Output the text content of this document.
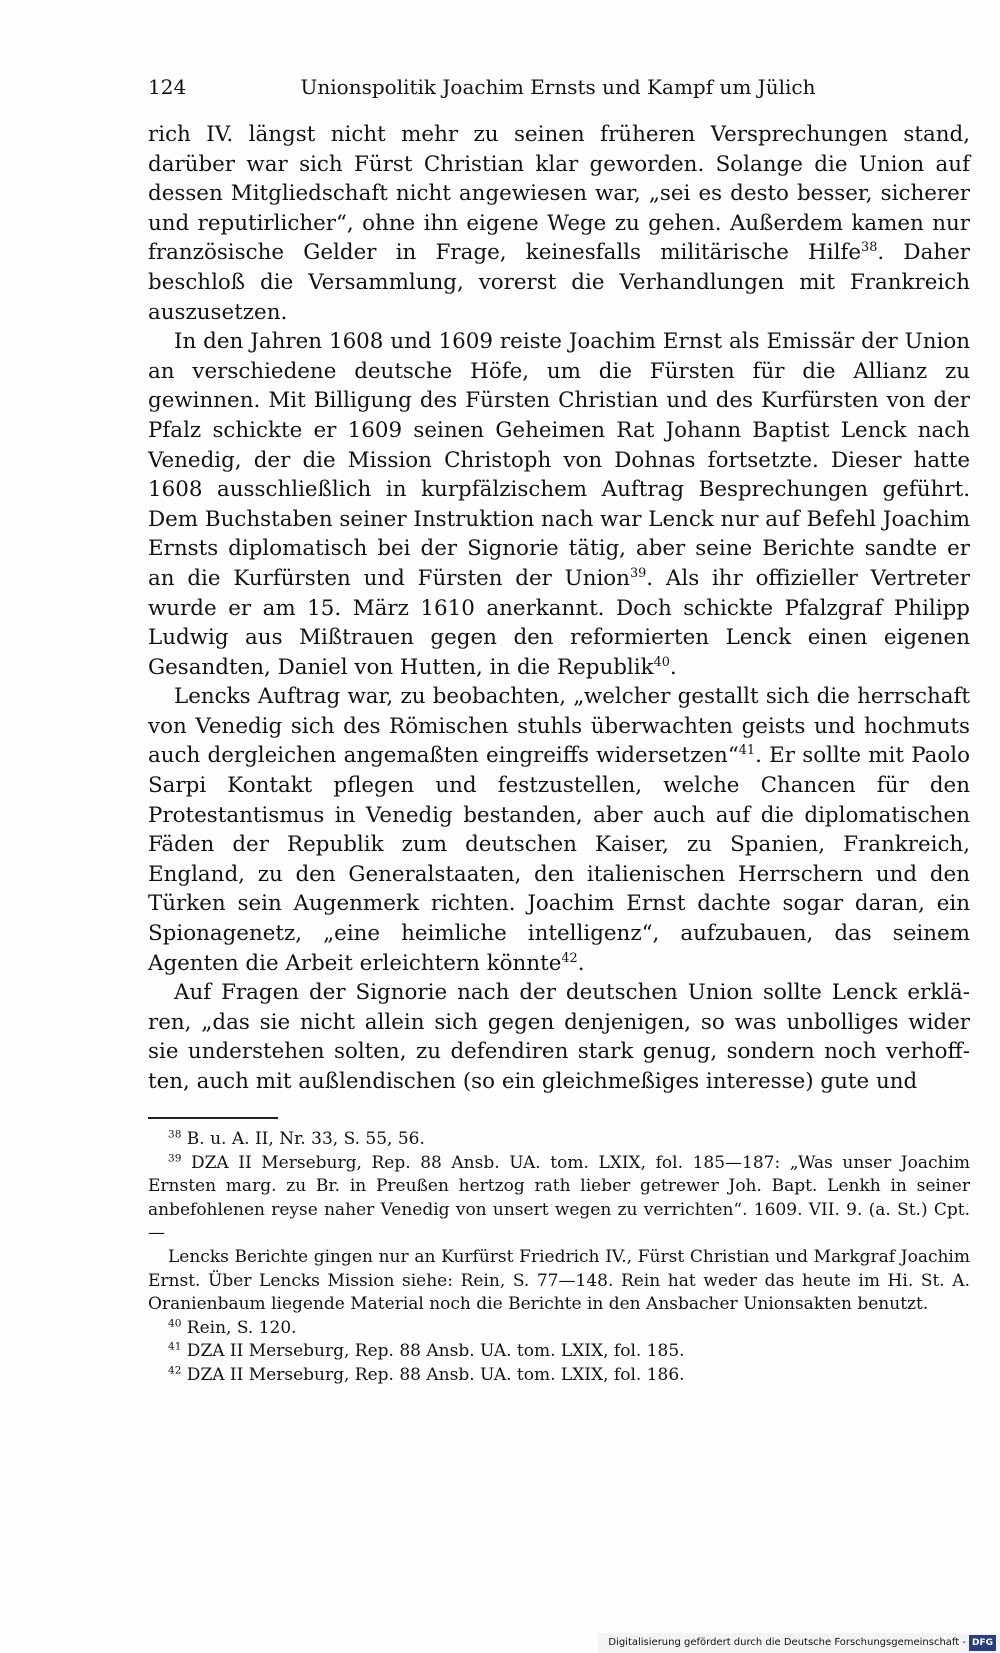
124	Unionspolitik Joachim Ernsts und Kampf um Jülich

rich IV. längst nicht mehr zu seinen früheren Versprechungen stand, darüber war sich Fürst Christian klar geworden. Solange die Union auf dessen Mitgliedschaft nicht angewiesen war, „sei es desto besser, sicherer und reputirlicher“, ohne ihn eigene Wege zu gehen. Außerdem kamen nur französische Gelder in Frage, keinesfalls militärische Hilfe$^{38}$. Daher beschloß die Versammlung, vorerst die Verhandlungen mit Frankreich auszusetzen.

In den Jahren 1608 und 1609 reiste Joachim Ernst als Emissär der Union an verschiedene deutsche Höfe, um die Fürsten für die Allianz zu gewinnen. Mit Billigung des Fürsten Christian und des Kurfürsten von der Pfalz schickte er 1609 seinen Geheimen Rat Johann Baptist Lenck nach Venedig, der die Mission Christoph von Dohnas fortsetzte. Dieser hatte 1608 ausschließlich in kurpfälzischem Auftrag Besprechungen geführt. Dem Buchstaben seiner Instruktion nach war Lenck nur auf Befehl Joachim Ernsts diplomatisch bei der Signorie tätig, aber seine Berichte sandte er an die Kurfürsten und Fürsten der Union$^{39}$. Als ihr offizieller Vertreter wurde er am 15. März 1610 anerkannt. Doch schickte Pfalzgraf Philipp Ludwig aus Mißtrauen gegen den reformierten Lenck einen eigenen Gesandten, Daniel von Hutten, in die Republik$^{40}$.

Lencks Auftrag war, zu beobachten, „welcher gestallt sich die herrschaft von Venedig sich des Römischen stuhls überwachten geists und hochmuts auch dergleichen angemaßten eingreiffs widersetzen“$^{41}$. Er sollte mit Paolo Sarpi Kontakt pflegen und festzustellen, welche Chancen für den Protestantismus in Venedig bestanden, aber auch auf die diplomatischen Fäden der Republik zum deutschen Kaiser, zu Spanien, Frankreich, England, zu den Generalstaaten, den italienischen Herrschern und den Türken sein Augenmerk richten. Joachim Ernst dachte sogar daran, ein Spionagenetz, „eine heimliche intelligenz“, aufzubauen, das seinem Agenten die Arbeit erleichtern könnte$^{42}$.

Auf Fragen der Signorie nach der deutschen Union sollte Lenck erklären, „das sie nicht allein sich gegen denjenigen, so was unbolliges wider sie understehen solten, zu defendiren stark genug, sondern noch verhofften, auch mit außlendischen (so ein gleichmeßiges interesse) gute und

$^{38}$ B. u. A. II, Nr. 33, S. 55, 56.

$^{39}$ DZA II Merseburg, Rep. 88 Ansb. UA. tom. LXIX, fol. 185—187: „Was unser Joachim Ernsten marg. zu Br. in Preußen hertzog rath lieber getrewer Joh. Bapt. Lenkh in seiner anbefohlenen reyse naher Venedig von unsert wegen zu verrichten“. 1609. VII. 9. (a. St.) Cpt. —

Lencks Berichte gingen nur an Kurfürst Friedrich IV., Fürst Christian und Markgraf Joachim Ernst. Über Lencks Mission siehe: Rein, S. 77—148. Rein hat weder das heute im Hi. St. A. Oranienbaum liegende Material noch die Berichte in den Ansbacher Unionsakten benutzt.

$^{40}$ Rein, S. 120.

$^{41}$ DZA II Merseburg, Rep. 88 Ansb. UA. tom. LXIX, fol. 185.

$^{42}$ DZA II Merseburg, Rep. 88 Ansb. UA. tom. LXIX, fol. 186.

Digitalisierung gefördert durch die Deutsche Forschungsgemeinschaft - DFG
